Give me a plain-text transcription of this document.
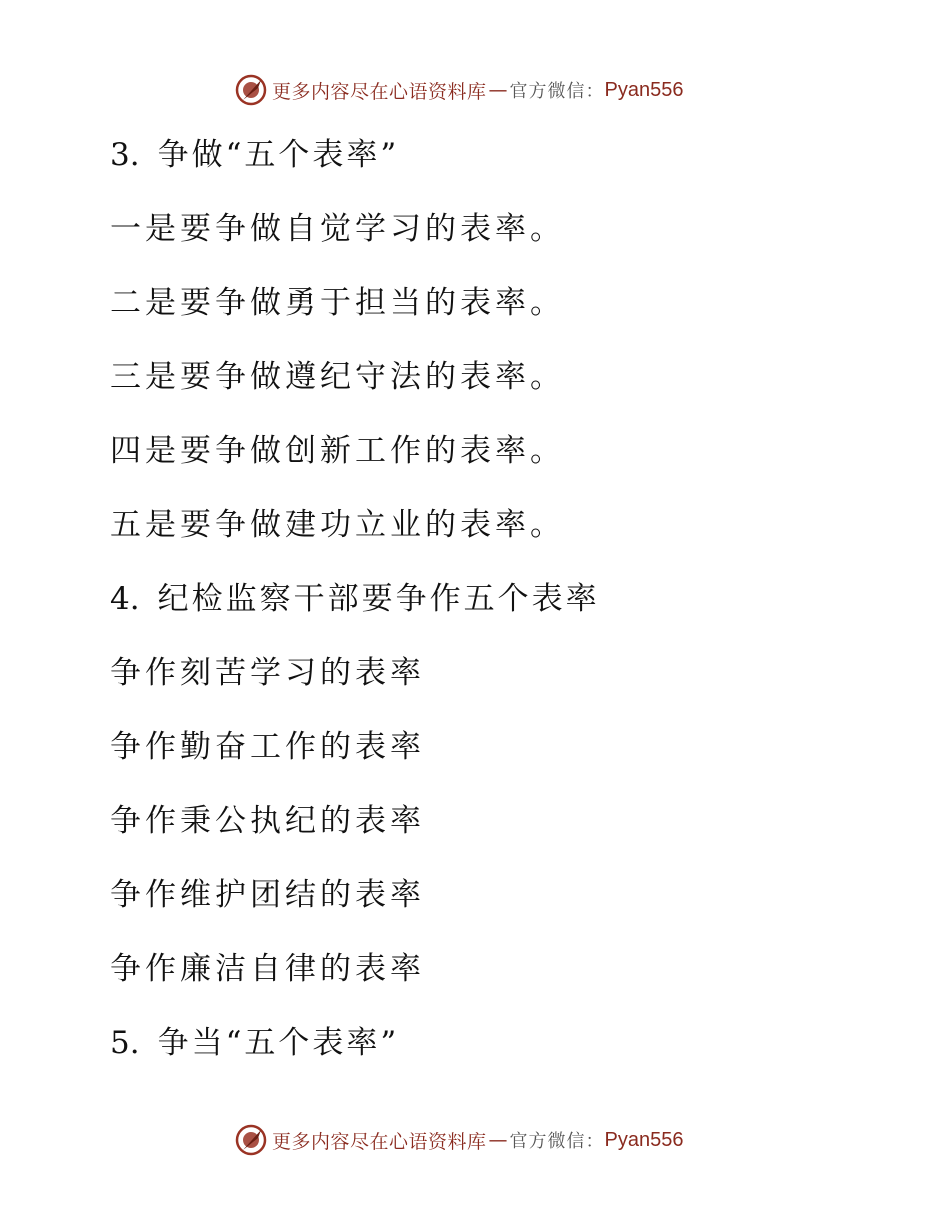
更多内容尽在心语资料库 — 官方微信： Pyan556
3. 争做“五个表率”
一是要争做自觉学习的表率。
二是要争做勇于担当的表率。
三是要争做遵纪守法的表率。
四是要争做创新工作的表率。
五是要争做建功立业的表率。
4. 纪检监察干部要争作五个表率
争作刻苦学习的表率
争作勤奋工作的表率
争作秉公执纪的表率
争作维护团结的表率
争作廉洁自律的表率
5. 争当“五个表率”
更多内容尽在心语资料库 — 官方微信： Pyan556
